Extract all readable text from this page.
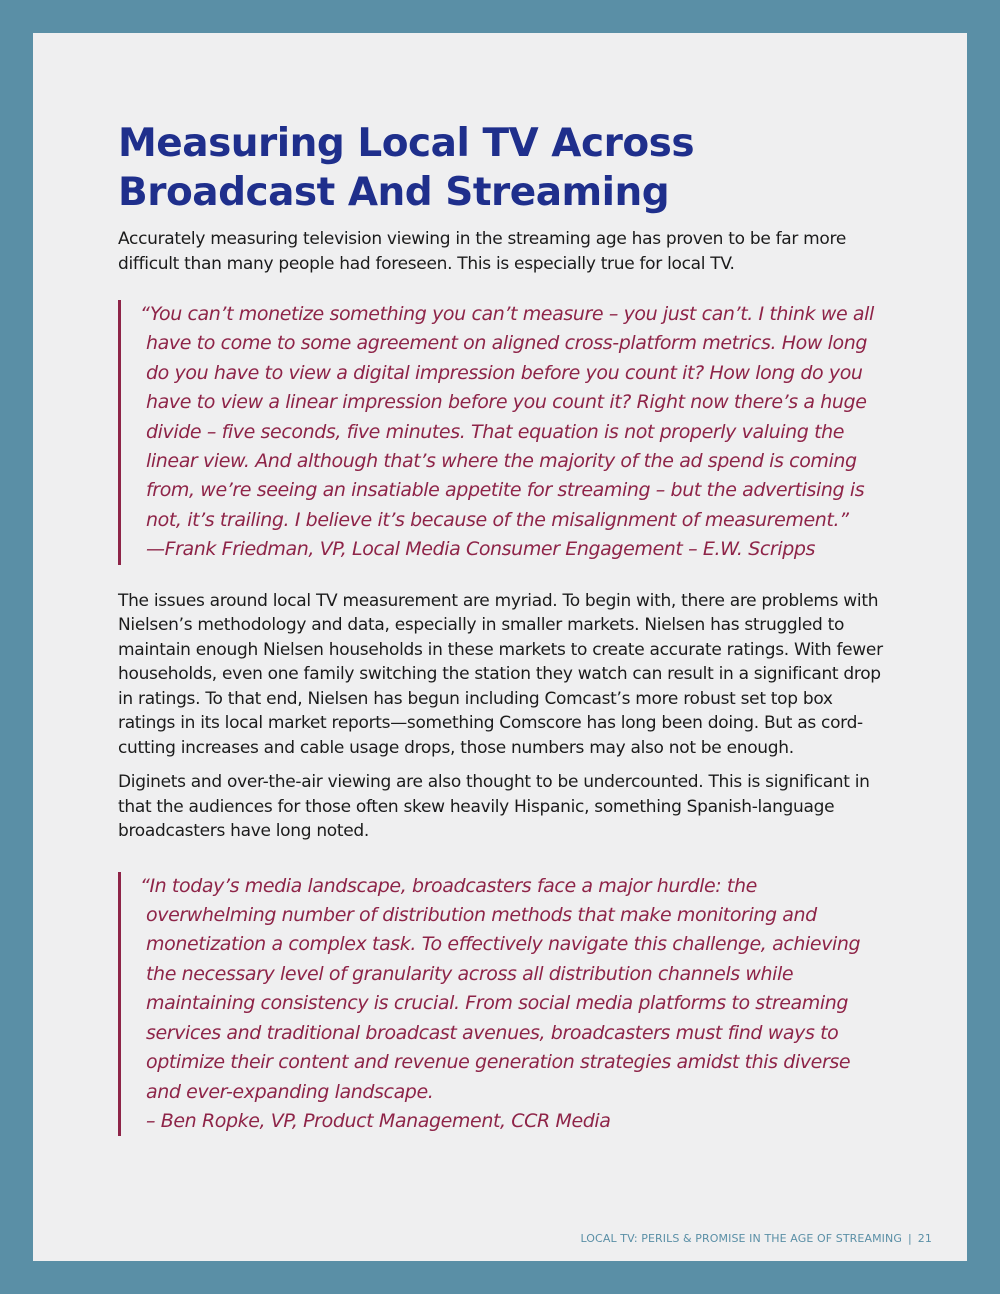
Measuring Local TV Across Broadcast And Streaming

Accurately measuring television viewing in the streaming age has proven to be far more difficult than many people had foreseen. This is especially true for local TV.

“You can’t monetize something you can’t measure – you just can’t. I think we all have to come to some agreement on aligned cross-platform metrics. How long do you have to view a digital impression before you count it? How long do you have to view a linear impression before you count it? Right now there’s a huge divide – five seconds, five minutes. That equation is not properly valuing the linear view. And although that’s where the majority of the ad spend is coming from, we’re seeing an insatiable appetite for streaming – but the advertising is not, it’s trailing. I believe it’s because of the misalignment of measurement.”
—Frank Friedman, VP, Local Media Consumer Engagement – E.W. Scripps

The issues around local TV measurement are myriad. To begin with, there are problems with Nielsen’s methodology and data, especially in smaller markets. Nielsen has struggled to maintain enough Nielsen households in these markets to create accurate ratings. With fewer households, even one family switching the station they watch can result in a significant drop in ratings. To that end, Nielsen has begun including Comcast’s more robust set top box ratings in its local market reports—something Comscore has long been doing. But as cord-cutting increases and cable usage drops, those numbers may also not be enough.

Diginets and over-the-air viewing are also thought to be undercounted. This is significant in that the audiences for those often skew heavily Hispanic, something Spanish-language broadcasters have long noted.

“In today’s media landscape, broadcasters face a major hurdle: the overwhelming number of distribution methods that make monitoring and monetization a complex task. To effectively navigate this challenge, achieving the necessary level of granularity across all distribution channels while maintaining consistency is crucial. From social media platforms to streaming services and traditional broadcast avenues, broadcasters must find ways to optimize their content and revenue generation strategies amidst this diverse and ever-expanding landscape.
– Ben Ropke, VP, Product Management, CCR Media

LOCAL TV: PERILS & PROMISE IN THE AGE OF STREAMING | 21
